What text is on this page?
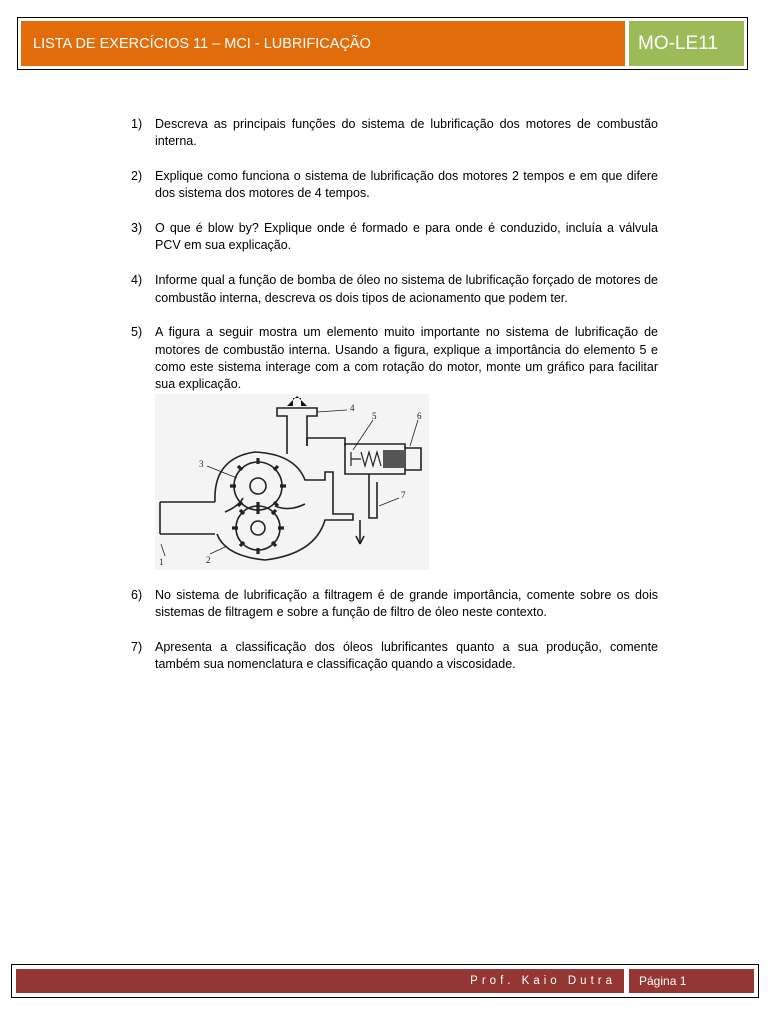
LISTA DE EXERCÍCIOS 11 – MCI - LUBRIFICAÇÃO	MO-LE11
1) Descreva as principais funções do sistema de lubrificação dos motores de combustão interna.
2) Explique como funciona o sistema de lubrificação dos motores 2 tempos e em que difere dos sistema dos motores de 4 tempos.
3) O que é blow by? Explique onde é formado e para onde é conduzido, incluía a válvula PCV em sua explicação.
4) Informe qual a função de bomba de óleo no sistema de lubrificação forçado de motores de combustão interna, descreva os dois tipos de acionamento que podem ter.
5) A figura a seguir mostra um elemento muito importante no sistema de lubrificação de motores de combustão interna. Usando a figura, explique a importância do elemento 5 e como este sistema interage com a com rotação do motor, monte um gráfico para facilitar sua explicação.
1	2
3
4
5	6
7
6) No sistema de lubrificação a filtragem é de grande importância, comente sobre os dois sistemas de filtragem e sobre a função de filtro de óleo neste contexto.
7) Apresenta a classificação dos óleos lubrificantes quanto a sua produção, comente também sua nomenclatura e classificação quando a viscosidade.
Prof. Kaio Dutra	Página 1
